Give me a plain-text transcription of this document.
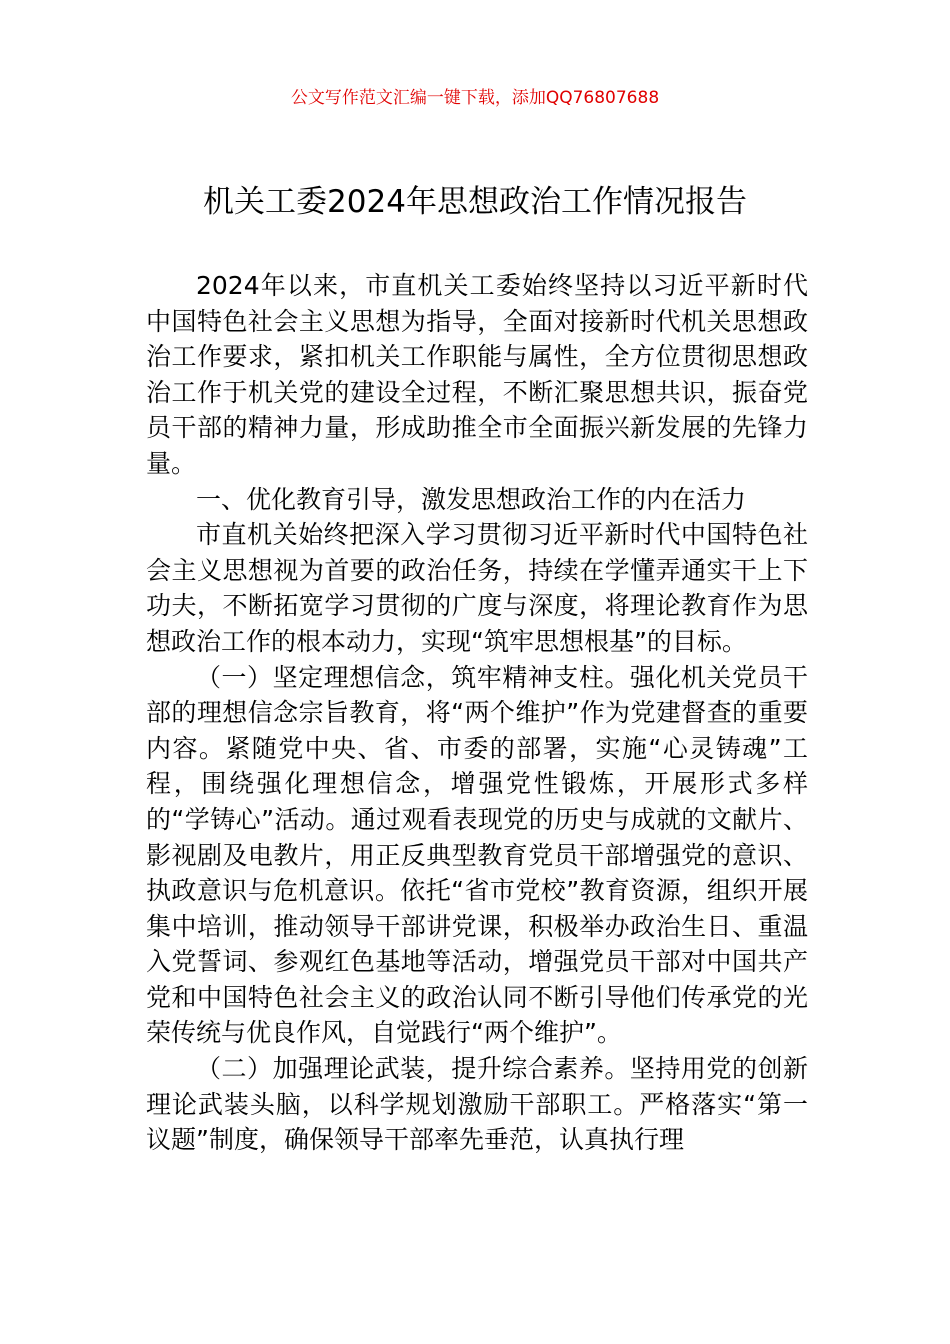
公文写作范文汇编一键下载，添加QQ76807688
机关工委2024年思想政治工作情况报告

2024年以来，市直机关工委始终坚持以习近平新时代中国特色社会主义思想为指导，全面对接新时代机关思想政治工作要求，紧扣机关工作职能与属性，全方位贯彻思想政治工作于机关党的建设全过程，不断汇聚思想共识，振奋党员干部的精神力量，形成助推全市全面振兴新发展的先锋力量。

一、优化教育引导，激发思想政治工作的内在活力

市直机关始终把深入学习贯彻习近平新时代中国特色社会主义思想视为首要的政治任务，持续在学懂弄通实干上下功夫，不断拓宽学习贯彻的广度与深度，将理论教育作为思想政治工作的根本动力，实现“筑牢思想根基”的目标。

（一）坚定理想信念，筑牢精神支柱。强化机关党员干部的理想信念宗旨教育，将“两个维护”作为党建督查的重要内容。紧随党中央、省、市委的部署，实施“心灵铸魂”工程，围绕强化理想信念，增强党性锻炼，开展形式多样的“学铸心”活动。通过观看表现党的历史与成就的文献片、影视剧及电教片，用正反典型教育党员干部增强党的意识、执政意识与危机意识。依托“省市党校”教育资源，组织开展集中培训，推动领导干部讲党课，积极举办政治生日、重温入党誓词、参观红色基地等活动，增强党员干部对中国共产党和中国特色社会主义的政治认同不断引导他们传承党的光荣传统与优良作风，自觉践行“两个维护”。

（二）加强理论武装，提升综合素养。坚持用党的创新理论武装头脑，以科学规划激励干部职工。严格落实“第一议题”制度，确保领导干部率先垂范，认真执行理
